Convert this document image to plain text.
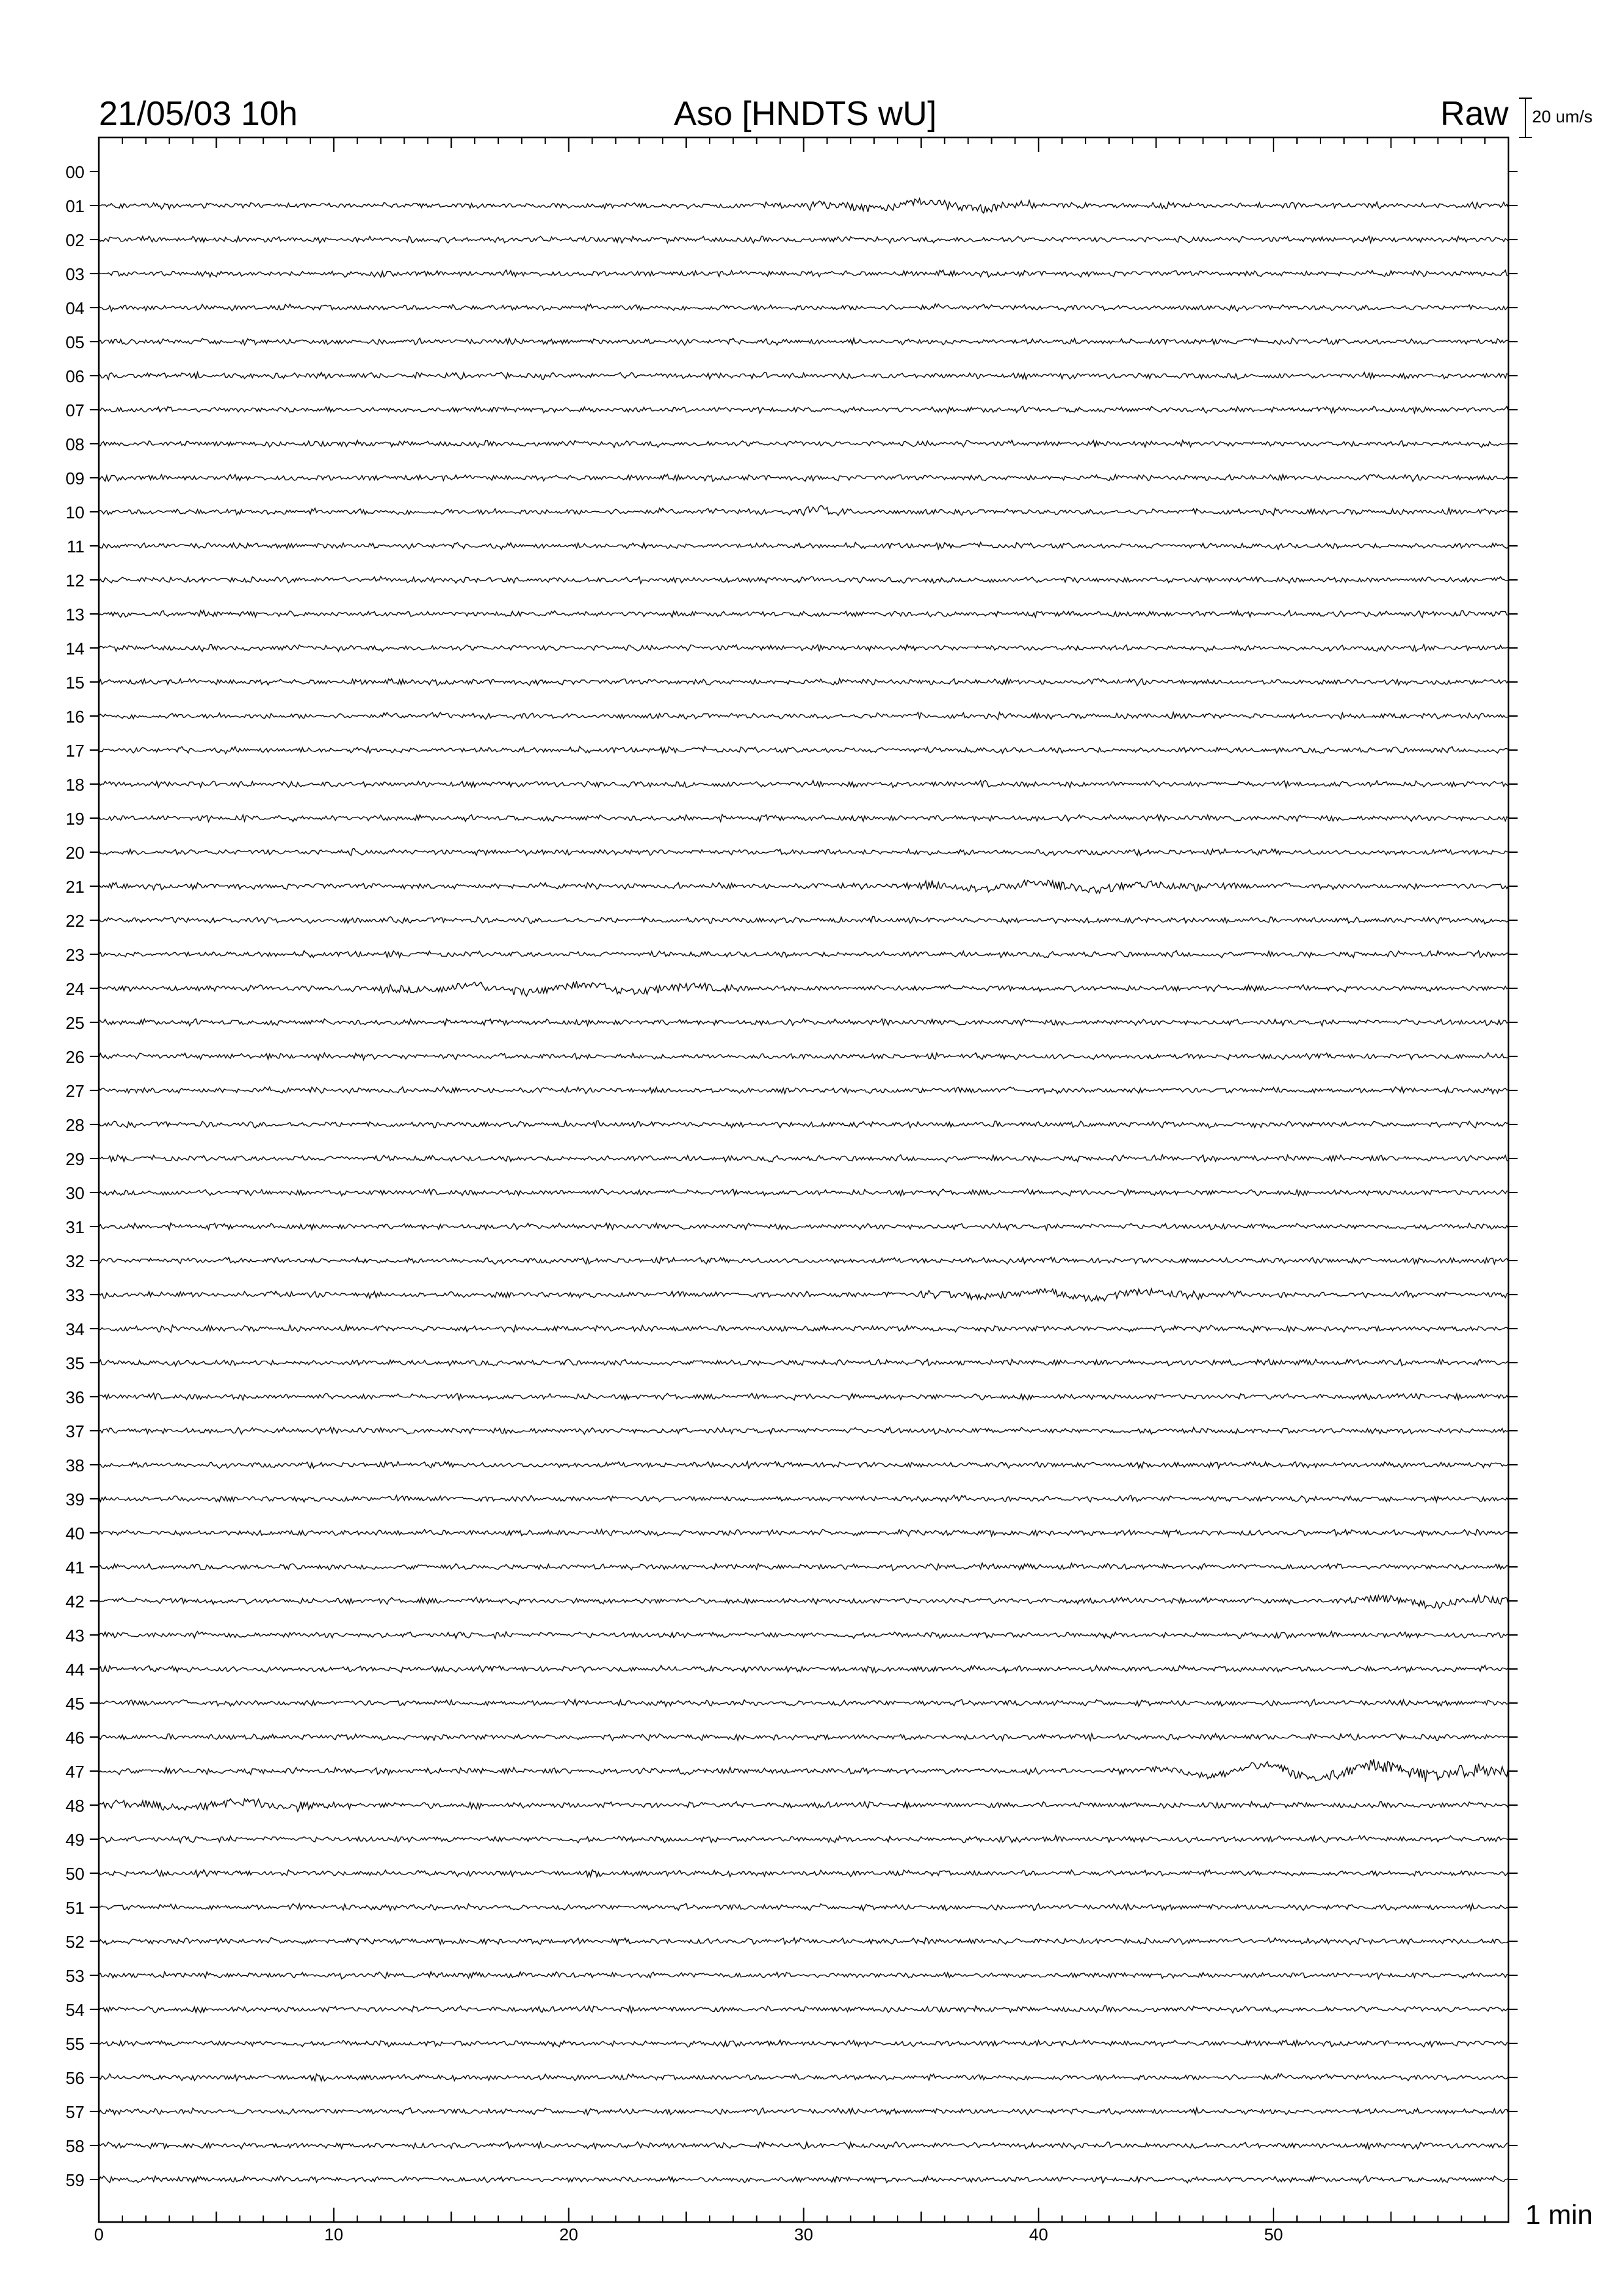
21/05/03 10h	Aso [HNDTS wU]	Raw 20 um/s
1 min
00
01
02
03
04
05
06
07
08
09
10
11
12
13
14
15
16
17
18
19
20
21
22
23
24
25
26
27
28
29
30
31
32
33
34
35
36
37
38
39
40
41
42
43
44
45
46
47
48
49
50
51
52
53
54
55
56
57
58
59
0	10	20	30	40	50
